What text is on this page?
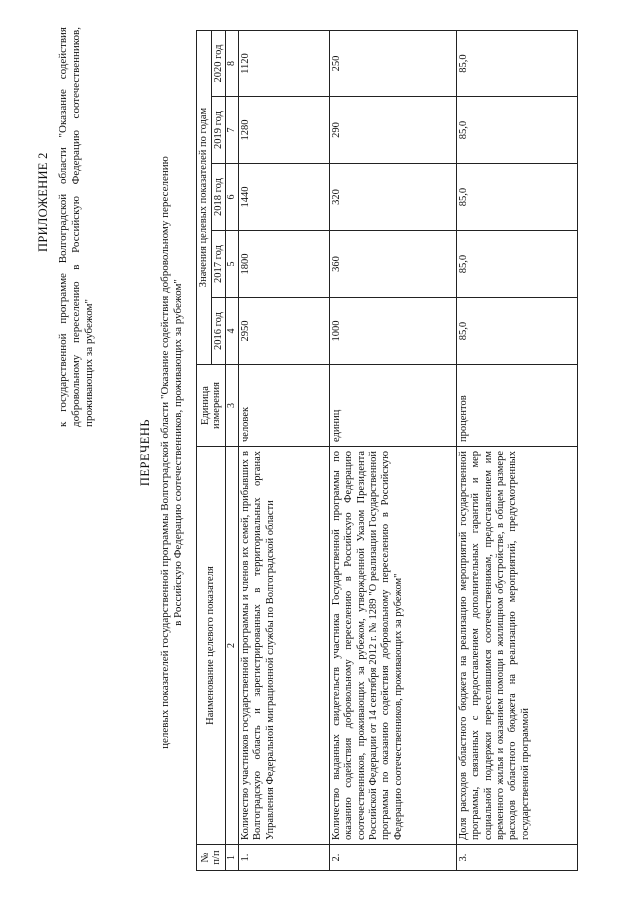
ПРИЛОЖЕНИЕ 2 к государственной программе Волгоградской области "Оказание содействия добровольному переселению в Российскую Федерацию соотечественников, проживающих за рубежом"
ПЕРЕЧЕНЬ целевых показателей государственной программы Волгоградской области "Оказание содействия добровольному переселению в Российскую Федерацию соотечественников, проживающих за рубежом"
№ п/п	Наименование целевого показателя	Единица измерения	Значения целевых показателей по годам				
			2016 год	2017 год	2018 год	2019 год	2020 год
1	2	3	4	5	6	7	8
1.	Количество участников государственной программы и членов их семей, прибывших в Волгоградскую область и зарегистрированных в территориальных органах Управления Федеральной миграционной службы по Волгоградской области	человек	2950	1800	1440	1280	1120
2.	Количество выданных свидетельств участника Государственной программы по оказанию содействия добровольному переселению в Российскую Федерацию соотечественников, проживающих за рубежом, утвержденной Указом Президента Российской Федерации от 14 сентября 2012 г. № 1289 "О реализации Государственной программы по оказанию содействия добровольному переселению в Российскую Федерацию соотечественников, проживающих за рубежом"	единиц	1000	360	320	290	250
3.	Доля расходов областного бюджета на реализацию мероприятий государственной программы, связанных с предоставлением дополнительных гарантий и мер социальной поддержки переселившимся соотечественникам, предоставлением им временного жилья и оказанием помощи в жилищном обустройстве, в общем размере расходов областного бюджета на реализацию мероприятий, предусмотренных государственной программой	процентов	85,0	85,0	85,0	85,0	85,0
